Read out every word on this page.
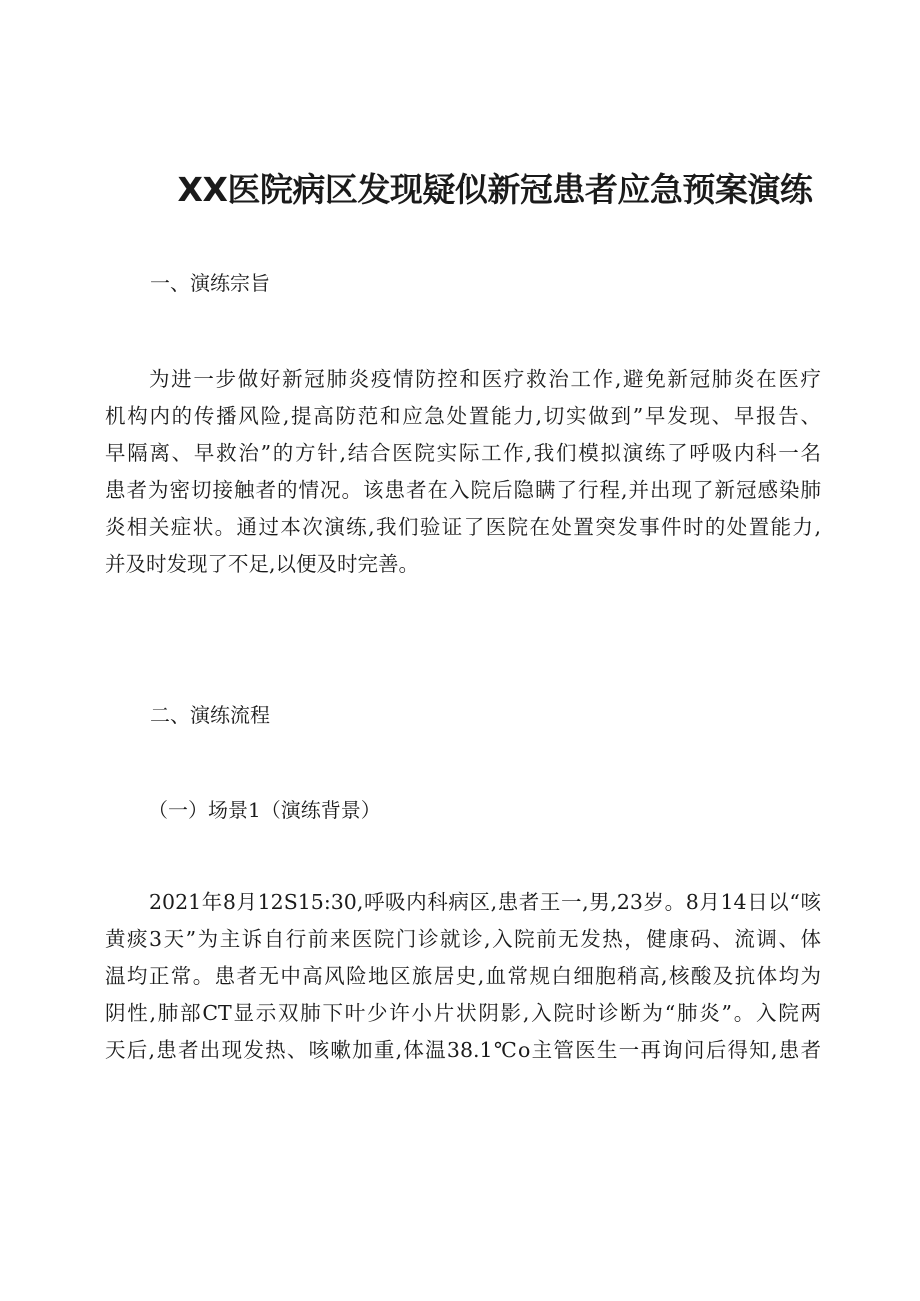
XX医院病区发现疑似新冠患者应急预案演练
一、演练宗旨
为进一步做好新冠肺炎疫情防控和医疗救治工作,避免新冠肺炎在医疗
机构内的传播风险,提高防范和应急处置能力,切实做到”早发现、早报告、
早隔离、早救治”的方针,结合医院实际工作,我们模拟演练了呼吸内科一名
患者为密切接触者的情况。该患者在入院后隐瞒了行程,并出现了新冠感染肺
炎相关症状。通过本次演练,我们验证了医院在处置突发事件时的处置能力,
并及时发现了不足,以便及时完善。
二、演练流程
（一）场景1（演练背景）
2021年8月12S15:30,呼吸内科病区,患者王一,男,23岁。8月14日以“咳
黄痰3天”为主诉自行前来医院门诊就诊,入院前无发热，健康码、流调、体
温均正常。患者无中高风险地区旅居史,血常规白细胞稍高,核酸及抗体均为
阴性,肺部CT显示双肺下叶少许小片状阴影,入院时诊断为“肺炎”。入院两
天后,患者出现发热、咳嗽加重,体温38.1℃o主管医生一再询问后得知,患者
